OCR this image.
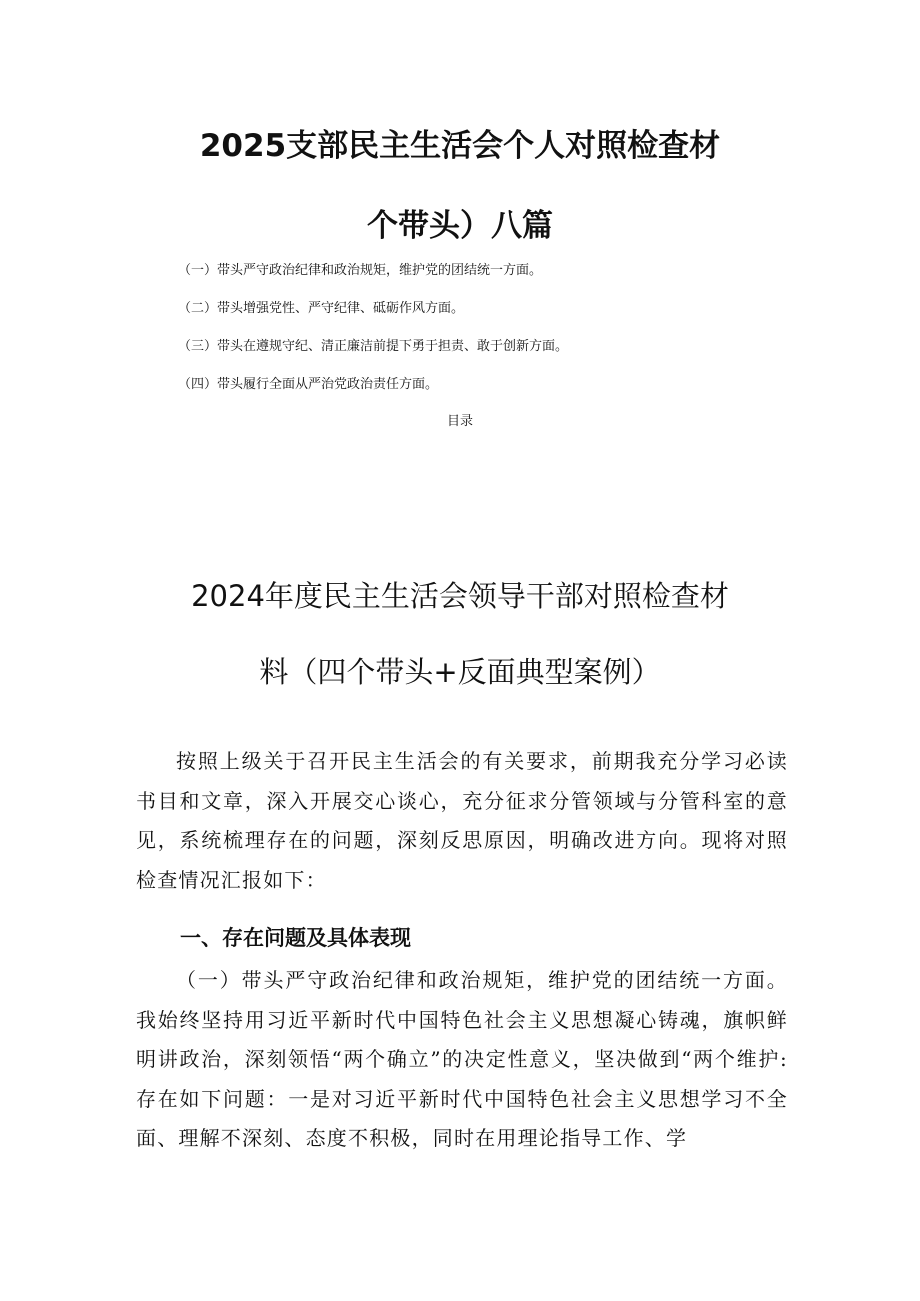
2025支部民主生活会个人对照检查材
个带头）八篇
（一）带头严守政治纪律和政治规矩，维护党的团结统一方面。
（二）带头增强党性、严守纪律、砥砺作风方面。
（三）带头在遵规守纪、清正廉洁前提下勇于担责、敢于创新方面。
（四）带头履行全面从严治党政治责任方面。
目录
2024年度民主生活会领导干部对照检查材
料（四个带头+反面典型案例）

按照上级关于召开民主生活会的有关要求，前期我充分学习必读书目和文章，深入开展交心谈心，充分征求分管领域与分管科室的意见，系统梳理存在的问题，深刻反思原因，明确改进方向。现将对照检查情况汇报如下：

一、存在问题及具体表现

（一）带头严守政治纪律和政治规矩，维护党的团结统一方面。我始终坚持用习近平新时代中国特色社会主义思想凝心铸魂，旗帜鲜明讲政治，深刻领悟“两个确立”的决定性意义，坚决做到“两个维护:存在如下问题：一是对习近平新时代中国特色社会主义思想学习不全面、理解不深刻、态度不积极，同时在用理论指导工作、学
